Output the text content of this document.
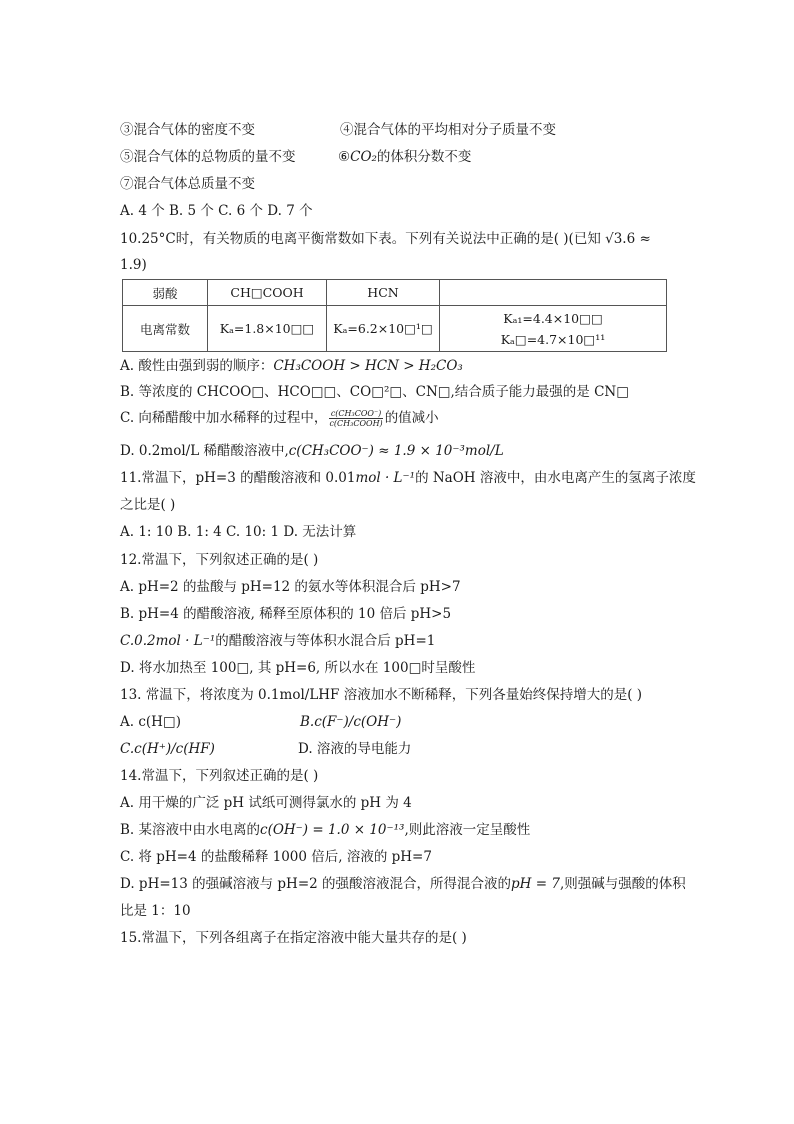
③混合气体的密度不变	④混合气体的平均相对分子质量不变
⑤混合气体的总物质的量不变	⑥CO₂的体积分数不变
⑦混合气体总质量不变
A. 4 个 B. 5 个 C. 6 个 D. 7 个
10.25°C时，有关物质的电离平衡常数如下表。下列有关说法中正确的是( )(已知 √3.6 ≈
1.9)
弱酸	CH□COOH	HCN	
电离常数	Kₐ=1.8×10□□	Kₐ=6.2×10□¹□	Kₐ₁=4.4×10□□
Kₐ□=4.7×10□¹¹
A. 酸性由强到弱的顺序：CH₃COOH > HCN > H₂CO₃
B. 等浓度的 CHCOO□、HCO□□、CO□²□、CN□,结合质子能力最强的是 CN□
C. 向稀醋酸中加水稀释的过程中， $\frac{\text{c(CH₃COO⁻)}}{\text{c(CH₃COOH)}}$ 的值减小
D. 0.2mol/L 稀醋酸溶液中,c(CH₃COO⁻) ≈ 1.9 × 10⁻³mol/L
11.常温下，pH=3 的醋酸溶液和 0.01mol · L⁻¹的 NaOH 溶液中，由水电离产生的氢离子浓度
之比是( )
A. 1: 10 B. 1: 4 C. 10: 1 D. 无法计算
12.常温下，下列叙述正确的是( )
A. pH=2 的盐酸与 pH=12 的氨水等体积混合后 pH>7
B. pH=4 的醋酸溶液, 稀释至原体积的 10 倍后 pH>5
C.0.2mol · L⁻¹的醋酸溶液与等体积水混合后 pH=1
D. 将水加热至 100□, 其 pH=6, 所以水在 100□时呈酸性
13. 常温下，将浓度为 0.1mol/LHF 溶液加水不断稀释，下列各量始终保持增大的是( )
A. c(H□)	B.c(F⁻)/c(OH⁻)
C.c(H⁺)/c(HF)	D. 溶液的导电能力
14.常温下，下列叙述正确的是( )
A. 用干燥的广泛 pH 试纸可测得氯水的 pH 为 4
B. 某溶液中由水电离的c(OH⁻) = 1.0 × 10⁻¹³,则此溶液一定呈酸性
C. 将 pH=4 的盐酸稀释 1000 倍后, 溶液的 pH=7
D. pH=13 的强碱溶液与 pH=2 的强酸溶液混合，所得混合液的pH = 7,则强碱与强酸的体积
比是 1：10
15.常温下，下列各组离子在指定溶液中能大量共存的是( )
